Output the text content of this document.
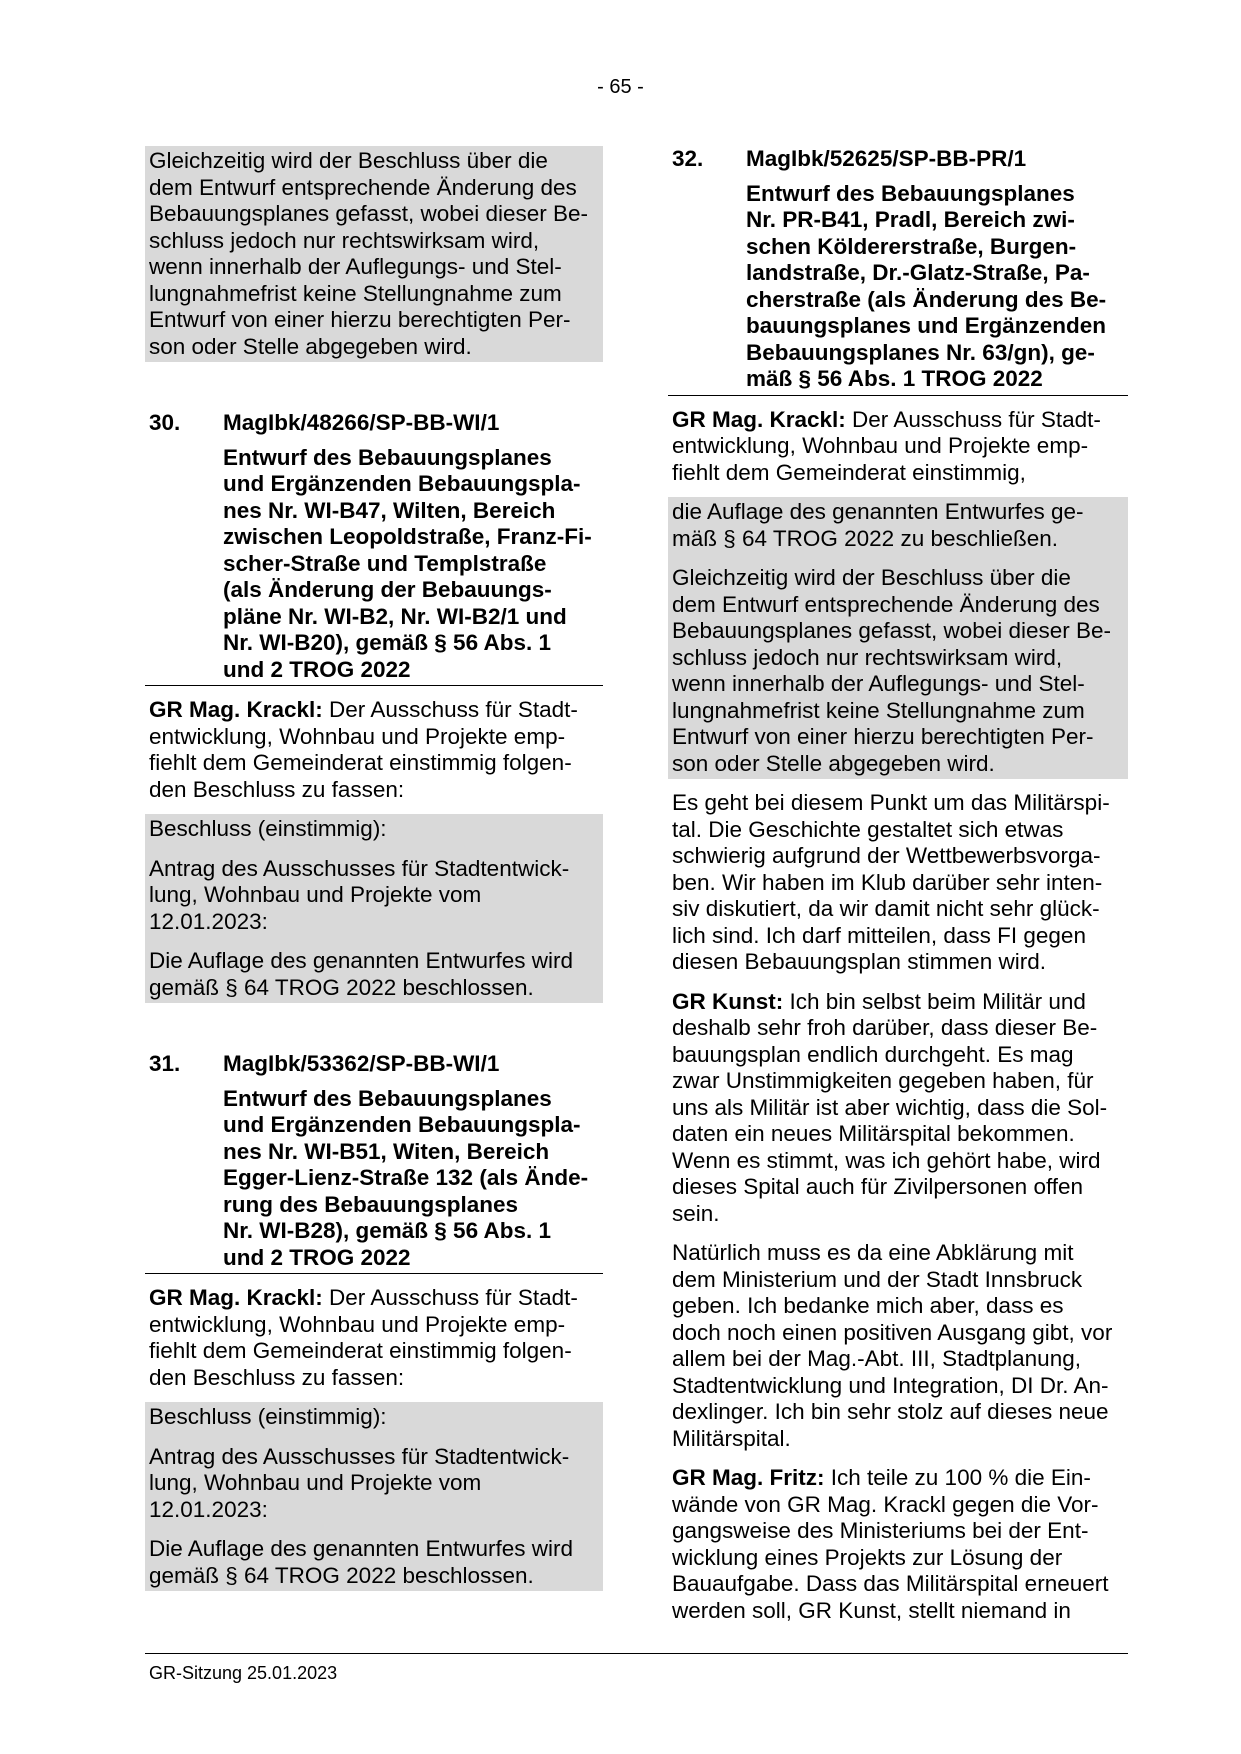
- 65 -

Gleichzeitig wird der Beschluss über die
dem Entwurf entsprechende Änderung des
Bebauungsplanes gefasst, wobei dieser Be-
schluss jedoch nur rechtswirksam wird,
wenn innerhalb der Auflegungs- und Stel-
lungnahmefrist keine Stellungnahme zum
Entwurf von einer hierzu berechtigten Per-
son oder Stelle abgegeben wird.

30.	MagIbk/48266/SP-BB-WI/1
Entwurf des Bebauungsplanes
und Ergänzenden Bebauungspla-
nes Nr. WI-B47, Wilten, Bereich
zwischen Leopoldstraße, Franz-Fi-
scher-Straße und Templstraße
(als Änderung der Bebauungs-
pläne Nr. WI-B2, Nr. WI-B2/1 und
Nr. WI-B20), gemäß § 56 Abs. 1
und 2 TROG 2022

GR Mag. Krackl: Der Ausschuss für Stadt-
entwicklung, Wohnbau und Projekte emp-
fiehlt dem Gemeinderat einstimmig folgen-
den Beschluss zu fassen:

Beschluss (einstimmig):

Antrag des Ausschusses für Stadtentwick-
lung, Wohnbau und Projekte vom
12.01.2023:

Die Auflage des genannten Entwurfes wird
gemäß § 64 TROG 2022 beschlossen.

31.	MagIbk/53362/SP-BB-WI/1
Entwurf des Bebauungsplanes
und Ergänzenden Bebauungspla-
nes Nr. WI-B51, Witen, Bereich
Egger-Lienz-Straße 132 (als Ände-
rung des Bebauungsplanes
Nr. WI-B28), gemäß § 56 Abs. 1
und 2 TROG 2022

GR Mag. Krackl: Der Ausschuss für Stadt-
entwicklung, Wohnbau und Projekte emp-
fiehlt dem Gemeinderat einstimmig folgen-
den Beschluss zu fassen:

Beschluss (einstimmig):

Antrag des Ausschusses für Stadtentwick-
lung, Wohnbau und Projekte vom
12.01.2023:

Die Auflage des genannten Entwurfes wird
gemäß § 64 TROG 2022 beschlossen.

32.	MagIbk/52625/SP-BB-PR/1
Entwurf des Bebauungsplanes
Nr. PR-B41, Pradl, Bereich zwi-
schen Köldererstraße, Burgen-
landstraße, Dr.-Glatz-Straße, Pa-
cherstraße (als Änderung des Be-
bauungsplanes und Ergänzenden
Bebauungsplanes Nr. 63/gn), ge-
mäß § 56 Abs. 1 TROG 2022

GR Mag. Krackl: Der Ausschuss für Stadt-
entwicklung, Wohnbau und Projekte emp-
fiehlt dem Gemeinderat einstimmig,

die Auflage des genannten Entwurfes ge-
mäß § 64 TROG 2022 zu beschließen.

Gleichzeitig wird der Beschluss über die
dem Entwurf entsprechende Änderung des
Bebauungsplanes gefasst, wobei dieser Be-
schluss jedoch nur rechtswirksam wird,
wenn innerhalb der Auflegungs- und Stel-
lungnahmefrist keine Stellungnahme zum
Entwurf von einer hierzu berechtigten Per-
son oder Stelle abgegeben wird.

Es geht bei diesem Punkt um das Militärspi-
tal. Die Geschichte gestaltet sich etwas
schwierig aufgrund der Wettbewerbsvorga-
ben. Wir haben im Klub darüber sehr inten-
siv diskutiert, da wir damit nicht sehr glück-
lich sind. Ich darf mitteilen, dass FI gegen
diesen Bebauungsplan stimmen wird.

GR Kunst: Ich bin selbst beim Militär und
deshalb sehr froh darüber, dass dieser Be-
bauungsplan endlich durchgeht. Es mag
zwar Unstimmigkeiten gegeben haben, für
uns als Militär ist aber wichtig, dass die Sol-
daten ein neues Militärspital bekommen.
Wenn es stimmt, was ich gehört habe, wird
dieses Spital auch für Zivilpersonen offen
sein.

Natürlich muss es da eine Abklärung mit
dem Ministerium und der Stadt Innsbruck
geben. Ich bedanke mich aber, dass es
doch noch einen positiven Ausgang gibt, vor
allem bei der Mag.-Abt. III, Stadtplanung,
Stadtentwicklung und Integration, DI Dr. An-
dexlinger. Ich bin sehr stolz auf dieses neue
Militärspital.

GR Mag. Fritz: Ich teile zu 100 % die Ein-
wände von GR Mag. Krackl gegen die Vor-
gangsweise des Ministeriums bei der Ent-
wicklung eines Projekts zur Lösung der
Bauaufgabe. Dass das Militärspital erneuert
werden soll, GR Kunst, stellt niemand in

GR-Sitzung 25.01.2023
